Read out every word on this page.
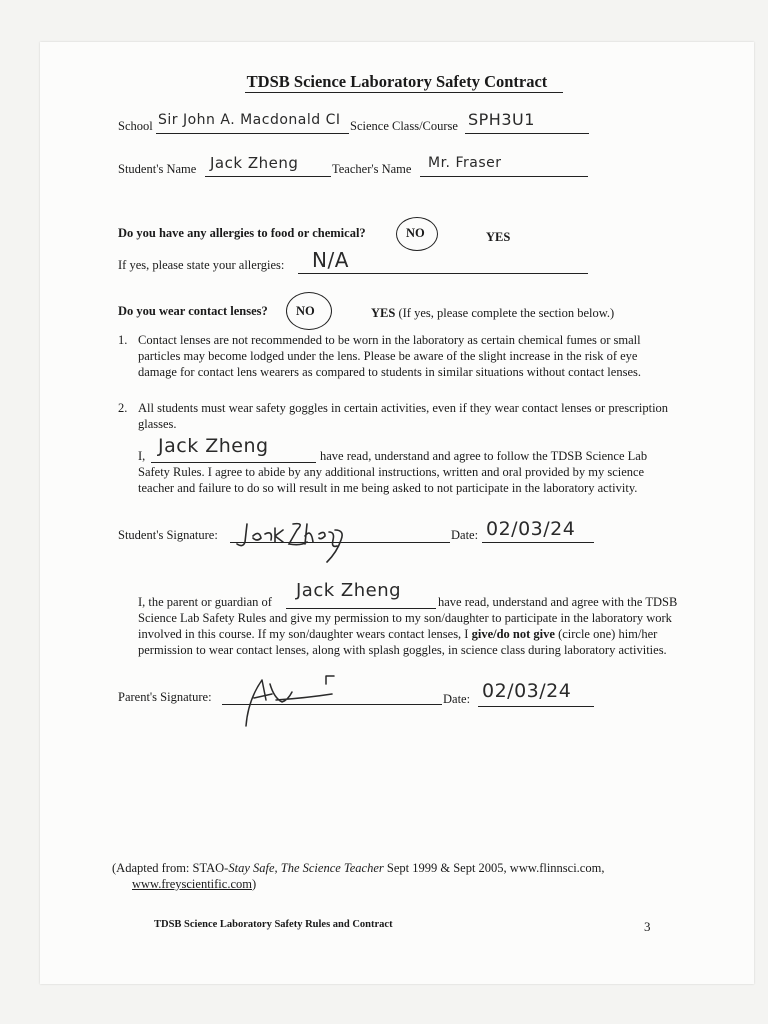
TDSB Science Laboratory Safety Contract
School Sir John A. Macdonald CI Science Class/Course SPH3U1
Student's Name Jack Zheng	Teacher's Name Mr. Fraser
Do you have any allergies to food or chemical?	NO	YES
If yes, please state your allergies: N/A
Do you wear contact lenses? NO	YES (If yes, please complete the section below.)
1. Contact lenses are not recommended to be worn in the laboratory as certain chemical fumes or small particles may become lodged under the lens. Please be aware of the slight increase in the risk of eye damage for contact lens wearers as compared to students in similar situations without contact lenses.
2. All students must wear safety goggles in certain activities, even if they wear contact lenses or prescription glasses.
I, Jack Zheng	have read, understand and agree to follow the TDSB Science Lab Safety Rules. I agree to abide by any additional instructions, written and oral provided by my science teacher and failure to do so will result in me being asked to not participate in the laboratory activity.
Student's Signature:	Date: 02/03/24
I, the parent or guardian of
Jack Zheng
have read, understand and agree with the TDSB Science Lab Safety Rules and give my permission to my son/daughter to participate in the laboratory work involved in this course. If my son/daughter wears contact lenses, I give/do not give (circle one) him/her permission to wear contact lenses, along with splash goggles, in science class during laboratory activities.
Parent's Signature:	Date: 02/03/24
(Adapted from: STAO-Stay Safe, The Science Teacher Sept 1999 & Sept 2005, www.flinnsci.com,
www.freyscientific.com)
TDSB Science Laboratory Safety Rules and Contract	3
